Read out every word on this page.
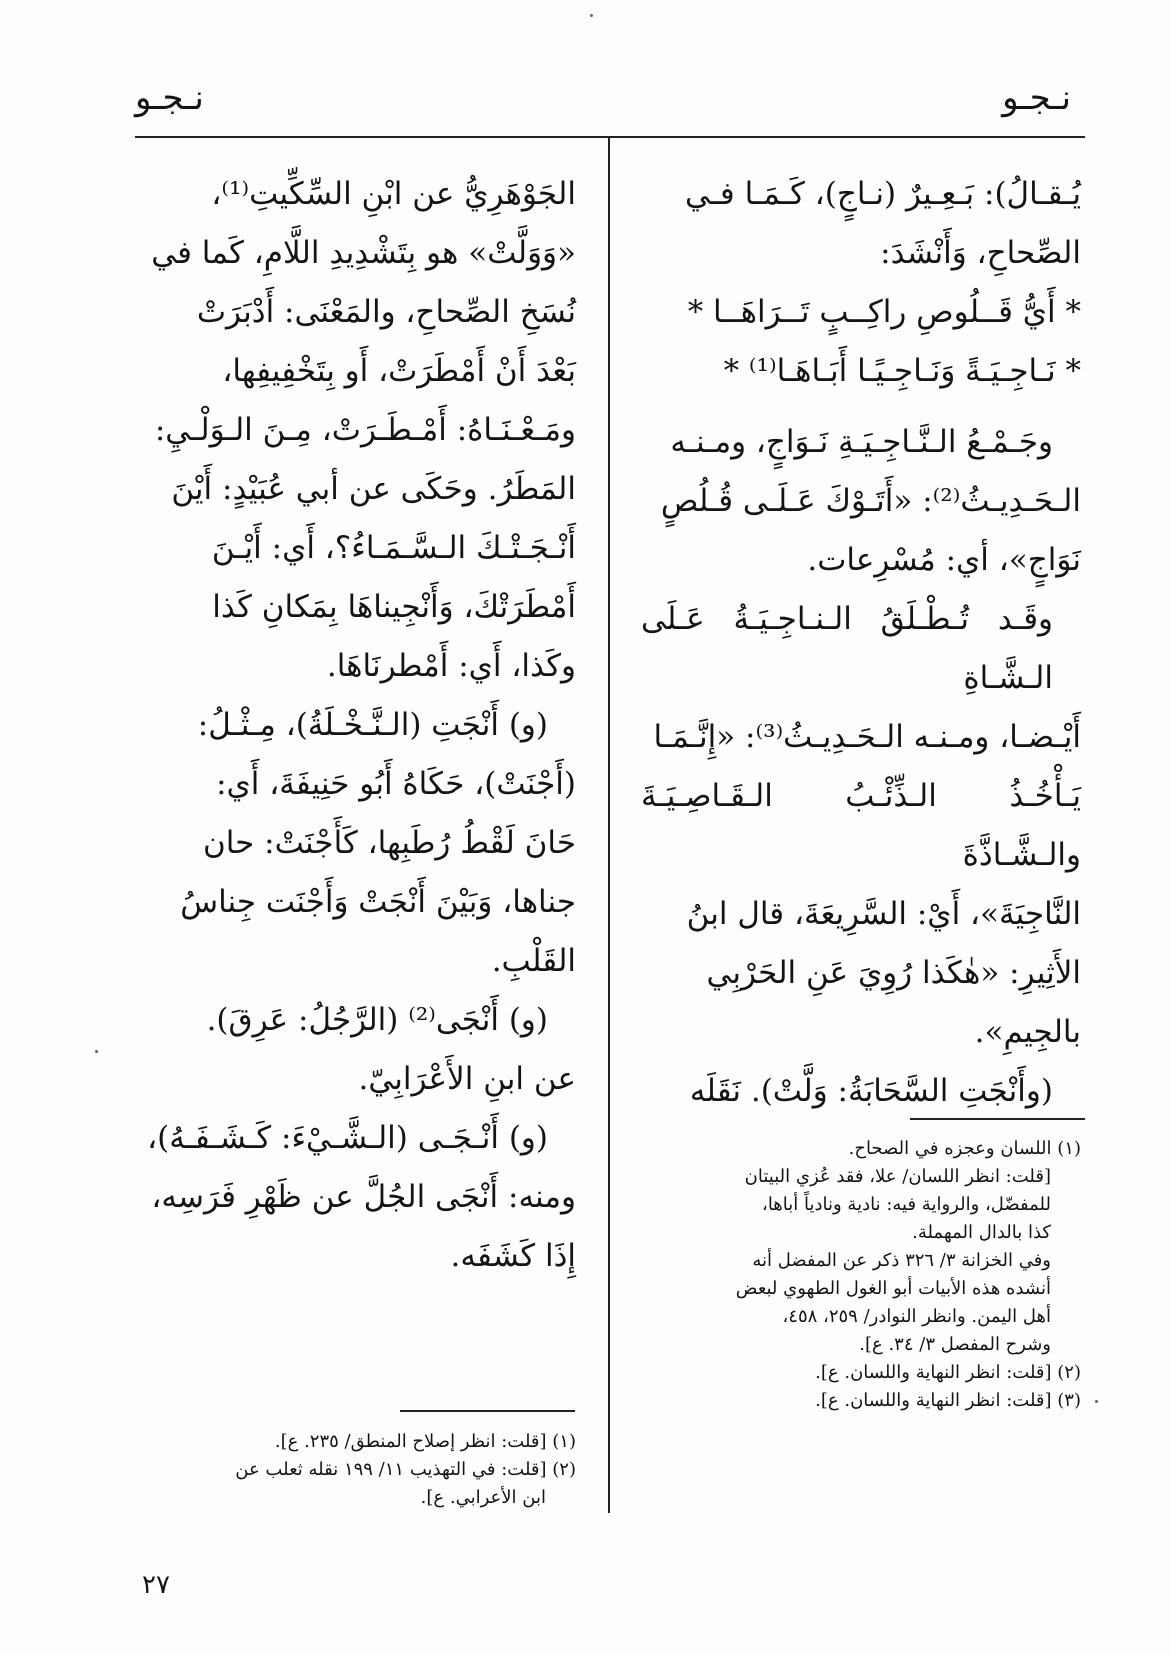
نـجـو
نـجـو

يُـقـالُ): بَـعِـيرٌ (نـاجٍ)، كَـمَـا فـي

الصِّحاحِ، وَأَنْشَدَ:

* أَيُّ قَــلُوصِ راكِــبٍ تَــرَاهَــا *

* نَـاجِـيَـةً وَنَـاجِـيًـا أَبَـاهَـا⁽¹⁾ *

وجَـمْـعُ الـنَّـاجِـيَـةِ نَـوَاجٍ، ومـنـه

الـحَـدِيـثُ⁽²⁾: «أَتَـوْكَ عَـلَـى قُـلُصٍ

نَوَاجٍ»، أي: مُسْرِعات.

وقَـد تُـطْـلَقُ الـنـاجِـيَـةُ عَـلَى الـشَّـاةِ

أَيْـضـا، ومـنـه الـحَـدِيـثُ⁽³⁾: «إِنَّـمَـا

يَـأْخُـذُ الـذِّئْـبُ الـقَـاصِـيَـةَ والـشَّـاذَّةَ

النَّاجِيَةَ»، أَيْ: السَّرِيعَةَ، قال ابنُ

الأَثِيرِ: «هٰكَذا رُوِيَ عَنِ الحَرْبِي

بالجِيمِ».

(وأَنْجَتِ السَّحَابَةُ: وَلَّتْ). نَقَلَه

الجَوْهَرِيُّ عن ابْنِ السِّكِّيتِ⁽¹⁾،

«وَوَلَّتْ» هو بِتَشْدِيدِ اللَّامِ، كَما في

نُسَخِ الصِّحاحِ، والمَعْنَى: أَدْبَرَتْ

بَعْدَ أَنْ أَمْطَرَتْ، أَو بِتَخْفِيفِها،

ومَـعْـنَـاهُ: أَمْـطَـرَتْ، مِـنَ الـوَلْـيِ:

المَطَرُ. وحَكَى عن أبي عُبَيْدٍ: أَيْنَ

أَنْـجَـتْـكَ الـسَّـمَـاءُ؟، أَي: أَيْـنَ

أَمْطَرَتْكَ، وَأَنْجِيناهَا بِمَكانِ كَذا

وكَذا، أَي: أَمْطرنَاهَا.

(و) أَنْجَتِ (الـنَّـخْـلَةُ)، مِـثْـلُ:

(أَجْنَتْ)، حَكَاهُ أَبُو حَنِيفَةَ، أَي:

حَانَ لَقْطُ رُطَبِها، كَأَجْنَتْ: حان

جناها، وَبَيْنَ أَنْجَتْ وَأَجْنَت جِناسُ

القَلْبِ.

(و) أَنْجَى⁽²⁾ (الرَّجُلُ: عَرِقَ).

عن ابنِ الأَعْرَابِيّ.

(و) أَنْـجَـى (الـشَّـيْءَ: كَـشَـفَـهُ)،

ومنه: أَنْجَى الجُلَّ عن ظَهْرِ فَرَسِه،

إِذَا كَشَفَه.

(١) اللسان وعجزه في الصحاح.

[قلت: انظر اللسان/ علا، فقد عُزي البيتان

للمفضّل، والرواية فيه: نادية ونادياً أباها،

كذا بالدال المهملة.

وفي الخزانة ٣/ ٣٢٦ ذكر عن المفضل أنه

أنشده هذه الأبيات أبو الغول الطهوي لبعض

أهل اليمن. وانظر النوادر/ ٢٥٩، ٤٥٨،

وشرح المفصل ٣/ ٣٤. ع].

(٢) [قلت: انظر النهاية واللسان. ع].

(٣) [قلت: انظر النهاية واللسان. ع].

(١) [قلت: انظر إصلاح المنطق/ ٢٣٥. ع].

(٢) [قلت: في التهذيب ١١/ ١٩٩ نقله ثعلب عن

ابن الأعرابي. ع].

٢٧
